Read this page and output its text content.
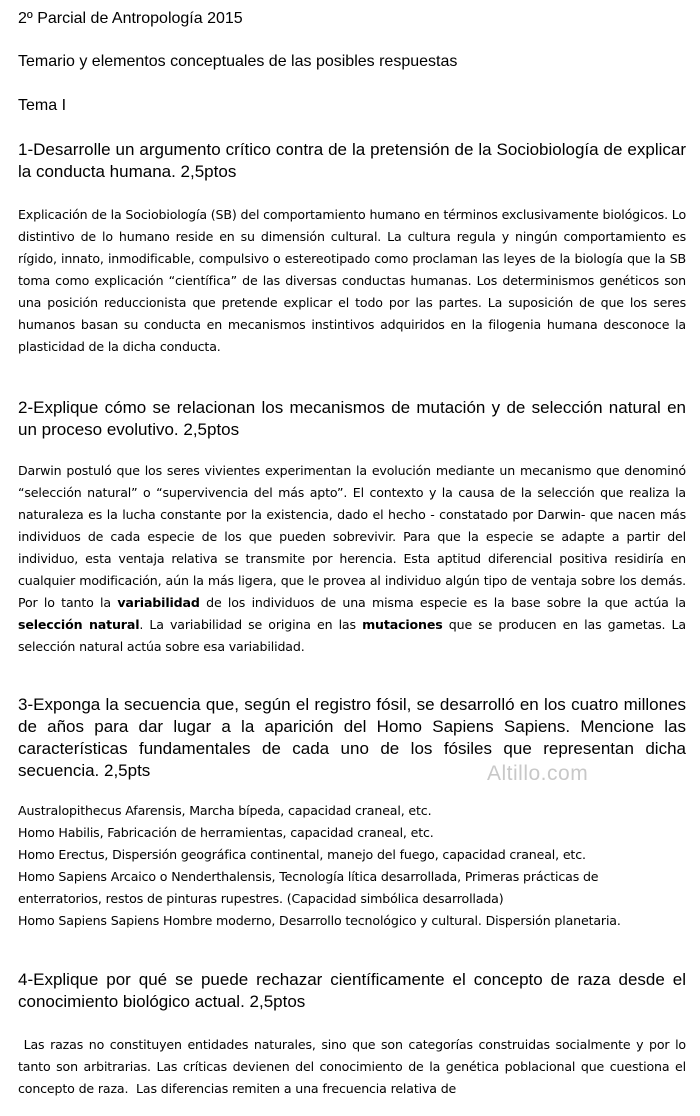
2º Parcial de Antropología 2015
Temario y elementos conceptuales de las posibles respuestas
Tema I
1-Desarrolle un argumento crítico contra de la pretensión de la Sociobiología de explicar la conducta humana. 2,5ptos
Explicación de la Sociobiología (SB) del comportamiento humano en términos exclusivamente biológicos. Lo distintivo de lo humano reside en su dimensión cultural. La cultura regula y ningún comportamiento es rígido, innato, inmodificable, compulsivo o estereotipado como proclaman las leyes de la biología que la SB toma como explicación “científica” de las diversas conductas humanas. Los determinismos genéticos son una posición reduccionista que pretende explicar el todo por las partes. La suposición de que los seres humanos basan su conducta en mecanismos instintivos adquiridos en la filogenia humana desconoce la plasticidad de la dicha conducta.
2-Explique cómo se relacionan los mecanismos de mutación y de selección natural en un proceso evolutivo. 2,5ptos
Darwin postuló que los seres vivientes experimentan la evolución mediante un mecanismo que denominó “selección natural” o “supervivencia del más apto”. El contexto y la causa de la selección que realiza la naturaleza es la lucha constante por la existencia, dado el hecho - constatado por Darwin- que nacen más individuos de cada especie de los que pueden sobrevivir. Para que la especie se adapte a partir del individuo, esta ventaja relativa se transmite por herencia. Esta aptitud diferencial positiva residiría en cualquier modificación, aún la más ligera, que le provea al individuo algún tipo de ventaja sobre los demás. Por lo tanto la variabilidad de los individuos de una misma especie es la base sobre la que actúa la selección natural. La variabilidad se origina en las mutaciones que se producen en las gametas. La selección natural actúa sobre esa variabilidad.
3-Exponga la secuencia que, según el registro fósil, se desarrolló en los cuatro millones de años para dar lugar a la aparición del Homo Sapiens Sapiens. Mencione las características fundamentales de cada uno de los fósiles que representan dicha secuencia. 2,5pts	Altillo.com
Australopithecus Afarensis, Marcha bípeda, capacidad craneal, etc.
Homo Habilis, Fabricación de herramientas, capacidad craneal, etc.
Homo Erectus, Dispersión geográfica continental, manejo del fuego, capacidad craneal, etc.
Homo Sapiens Arcaico o Nenderthalensis, Tecnología lítica desarrollada, Primeras prácticas de enterratorios, restos de pinturas rupestres. (Capacidad simbólica desarrollada)
Homo Sapiens Sapiens Hombre moderno, Desarrollo tecnológico y cultural. Dispersión planetaria.
4-Explique por qué se puede rechazar científicamente el concepto de raza desde el conocimiento biológico actual. 2,5ptos
Las razas no constituyen entidades naturales, sino que son categorías construidas socialmente y por lo tanto son arbitrarias. Las críticas devienen del conocimiento de la genética poblacional que cuestiona el concepto de raza.  Las diferencias remiten a una frecuencia relativa de
